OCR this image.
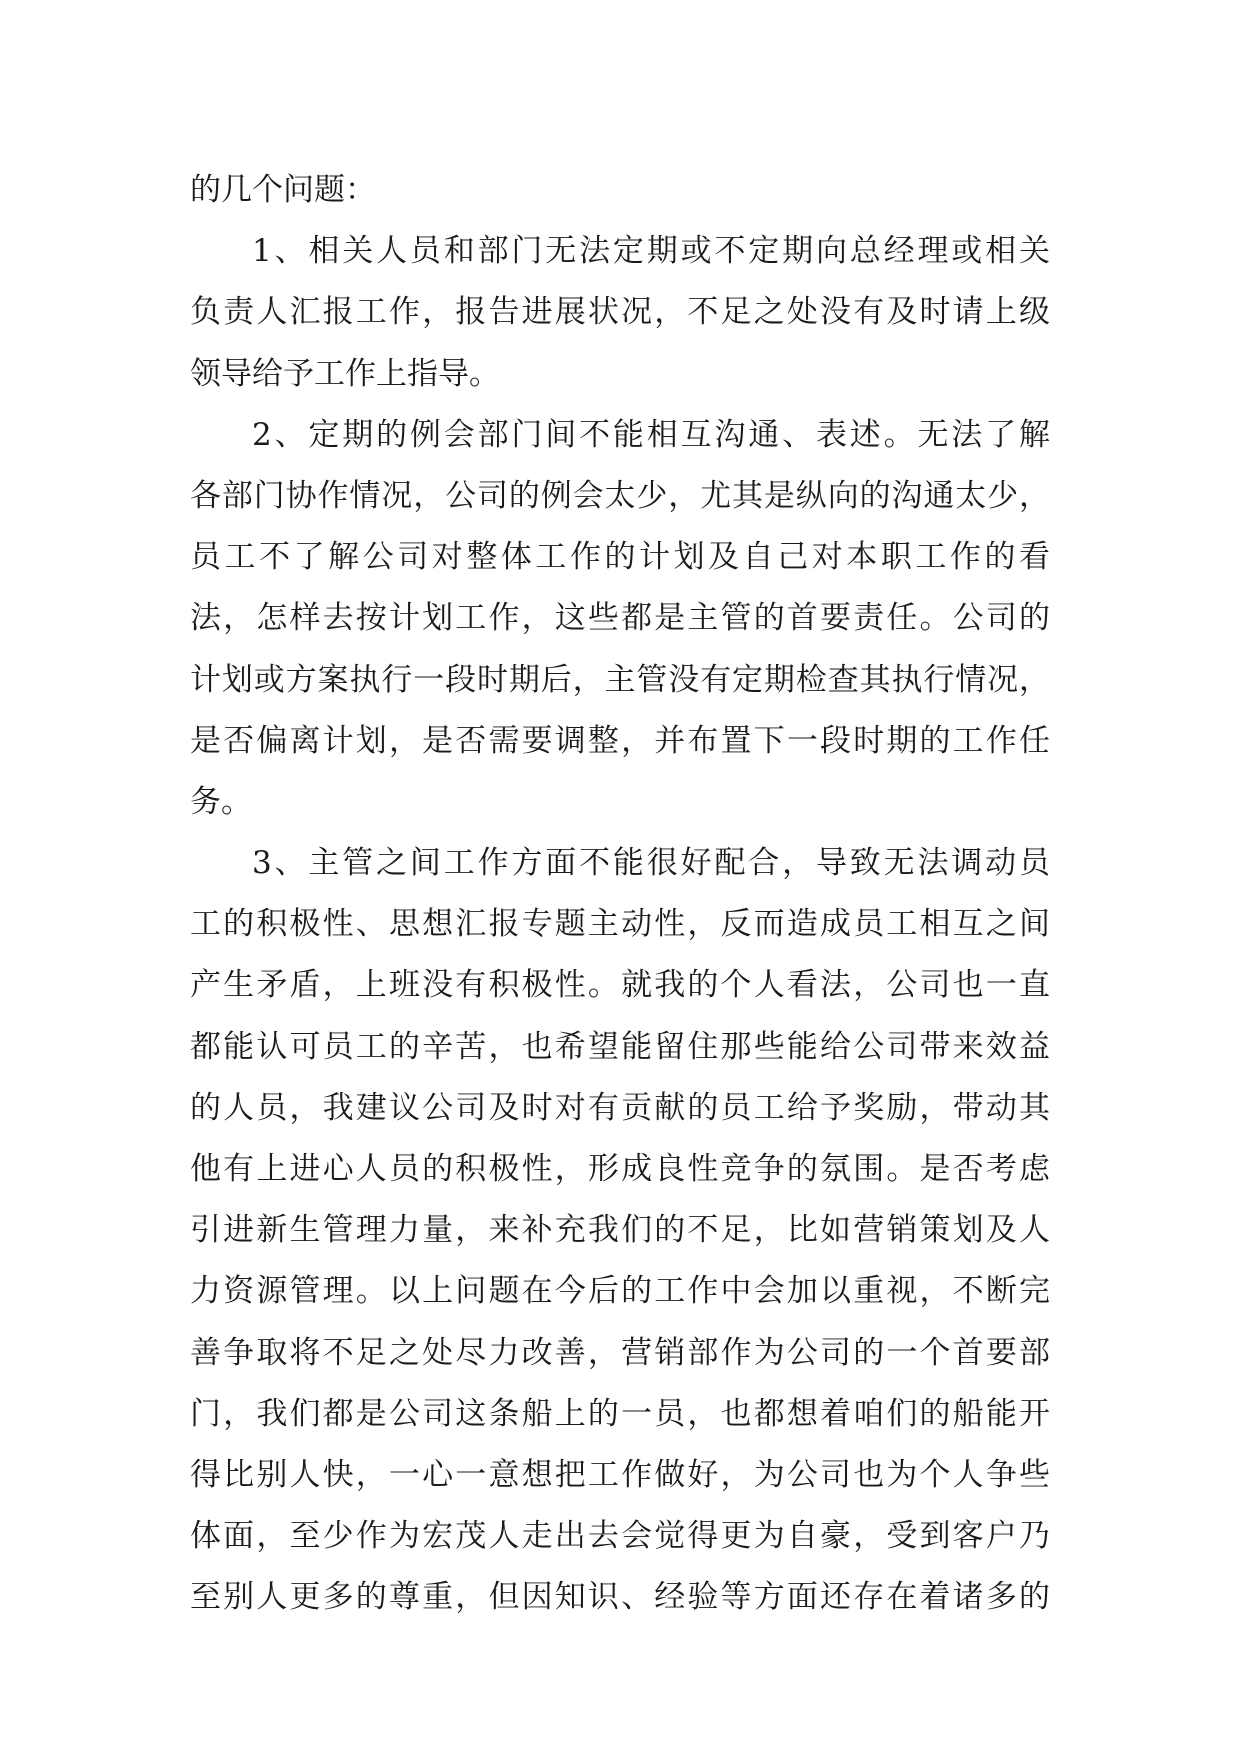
的几个问题：
1、相关人员和部门无法定期或不定期向总经理或相关
负责人汇报工作，报告进展状况，不足之处没有及时请上级
领导给予工作上指导。
2、定期的例会部门间不能相互沟通、表述。无法了解
各部门协作情况，公司的例会太少，尤其是纵向的沟通太少，
员工不了解公司对整体工作的计划及自己对本职工作的看
法，怎样去按计划工作，这些都是主管的首要责任。公司的
计划或方案执行一段时期后，主管没有定期检查其执行情况，
是否偏离计划，是否需要调整，并布置下一段时期的工作任
务。
3、主管之间工作方面不能很好配合，导致无法调动员
工的积极性、思想汇报专题主动性，反而造成员工相互之间
产生矛盾，上班没有积极性。就我的个人看法，公司也一直
都能认可员工的辛苦，也希望能留住那些能给公司带来效益
的人员，我建议公司及时对有贡献的员工给予奖励，带动其
他有上进心人员的积极性，形成良性竞争的氛围。是否考虑
引进新生管理力量，来补充我们的不足，比如营销策划及人
力资源管理。以上问题在今后的工作中会加以重视，不断完
善争取将不足之处尽力改善，营销部作为公司的一个首要部
门，我们都是公司这条船上的一员，也都想着咱们的船能开
得比别人快，一心一意想把工作做好，为公司也为个人争些
体面，至少作为宏茂人走出去会觉得更为自豪，受到客户乃
至别人更多的尊重，但因知识、经验等方面还存在着诸多的
